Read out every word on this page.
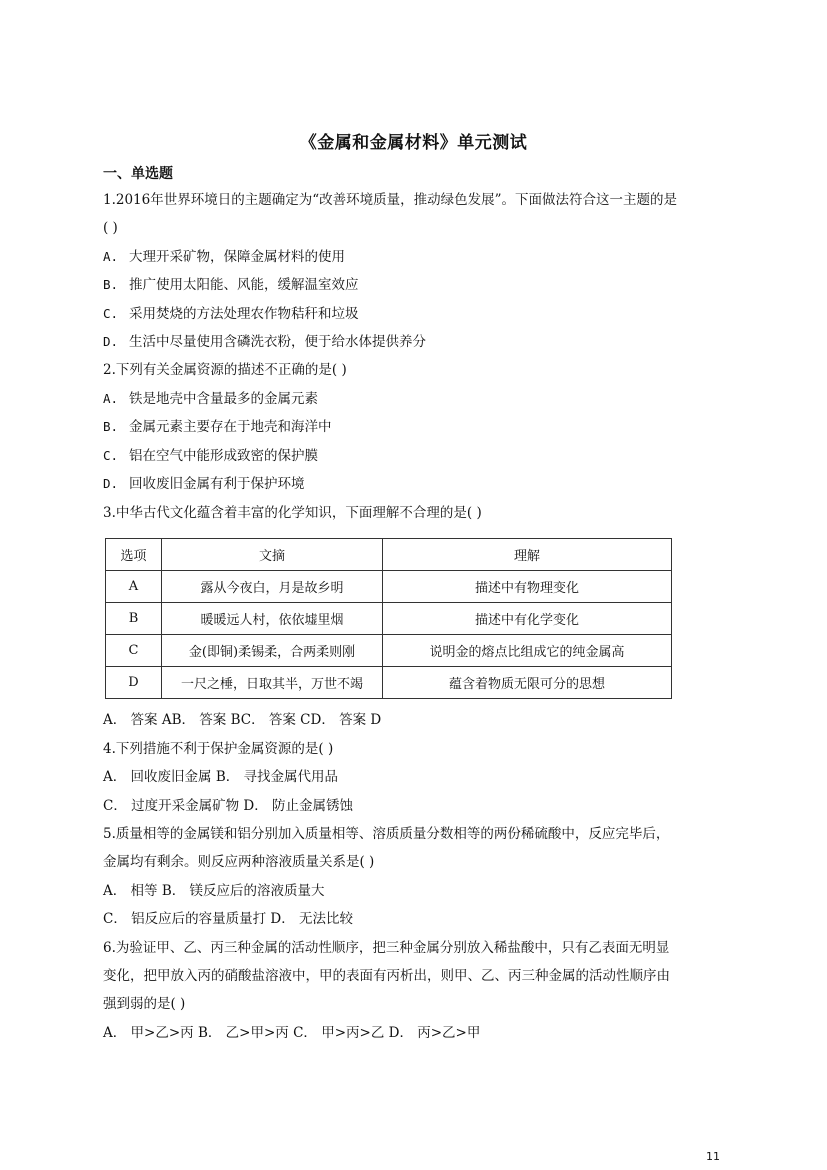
《金属和金属材料》单元测试
一、单选题
1.2016年世界环境日的主题确定为“改善环境质量，推动绿色发展”。下面做法符合这一主题的是
( )
A. 大理开采矿物，保障金属材料的使用
B. 推广使用太阳能、风能，缓解温室效应
C. 采用焚烧的方法处理农作物秸秆和垃圾
D. 生活中尽量使用含磷洗衣粉，便于给水体提供养分
2.下列有关金属资源的描述不正确的是( )
A. 铁是地壳中含量最多的金属元素
B. 金属元素主要存在于地壳和海洋中
C. 铝在空气中能形成致密的保护膜
D. 回收废旧金属有利于保护环境
3.中华古代文化蕴含着丰富的化学知识，下面理解不合理的是( )
选项	文摘	理解
A	露从今夜白，月是故乡明	描述中有物理变化
B	暖暖远人村，依依墟里烟	描述中有化学变化
C	金(即铜)柔锡柔，合两柔则刚	说明金的熔点比组成它的纯金属高
D	一尺之棰，日取其半，万世不竭	蕴含着物质无限可分的思想
A． 答案 AB． 答案 BC． 答案 CD． 答案 D
4.下列措施不利于保护金属资源的是( )
A． 回收废旧金属 B． 寻找金属代用品
C． 过度开采金属矿物 D． 防止金属锈蚀
5.质量相等的金属镁和铝分别加入质量相等、溶质质量分数相等的两份稀硫酸中，反应完毕后，
金属均有剩余。则反应两种溶液质量关系是( )
A． 相等 B． 镁反应后的溶液质量大
C． 铝反应后的容量质量打 D． 无法比较
6.为验证甲、乙、丙三种金属的活动性顺序，把三种金属分别放入稀盐酸中，只有乙表面无明显
变化，把甲放入丙的硝酸盐溶液中，甲的表面有丙析出，则甲、乙、丙三种金属的活动性顺序由
强到弱的是( )
A． 甲>乙>丙 B． 乙>甲>丙 C． 甲>丙>乙 D． 丙>乙>甲
11
